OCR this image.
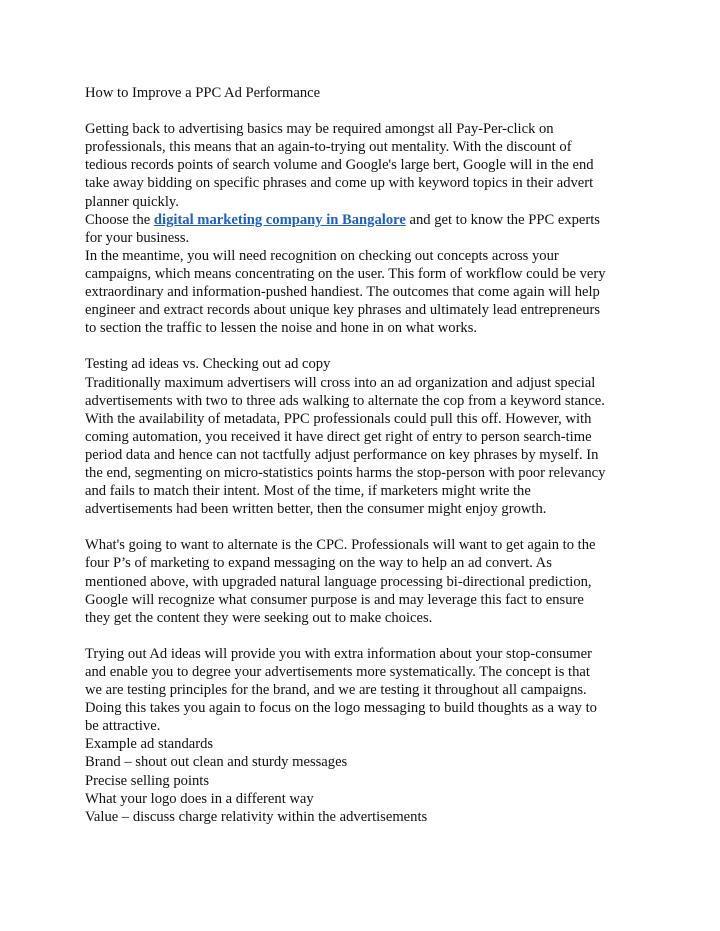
How to Improve a PPC Ad Performance
Getting back to advertising basics may be required amongst all Pay-Per-click on
professionals, this means that an again-to-trying out mentality. With the discount of
tedious records points of search volume and Google's large bert, Google will in the end
take away bidding on specific phrases and come up with keyword topics in their advert
planner quickly.
Choose the digital marketing company in Bangalore and get to know the PPC experts
for your business.
In the meantime, you will need recognition on checking out concepts across your
campaigns, which means concentrating on the user. This form of workflow could be very
extraordinary and information-pushed handiest. The outcomes that come again will help
engineer and extract records about unique key phrases and ultimately lead entrepreneurs
to section the traffic to lessen the noise and hone in on what works.
Testing ad ideas vs. Checking out ad copy
Traditionally maximum advertisers will cross into an ad organization and adjust special
advertisements with two to three ads walking to alternate the cop from a keyword stance.
With the availability of metadata, PPC professionals could pull this off. However, with
coming automation, you received it have direct get right of entry to person search-time
period data and hence can not tactfully adjust performance on key phrases by myself. In
the end, segmenting on micro-statistics points harms the stop-person with poor relevancy
and fails to match their intent. Most of the time, if marketers might write the
advertisements had been written better, then the consumer might enjoy growth.
What's going to want to alternate is the CPC. Professionals will want to get again to the
four P’s of marketing to expand messaging on the way to help an ad convert. As
mentioned above, with upgraded natural language processing bi-directional prediction,
Google will recognize what consumer purpose is and may leverage this fact to ensure
they get the content they were seeking out to make choices.
Trying out Ad ideas will provide you with extra information about your stop-consumer
and enable you to degree your advertisements more systematically. The concept is that
we are testing principles for the brand, and we are testing it throughout all campaigns.
Doing this takes you again to focus on the logo messaging to build thoughts as a way to
be attractive.
Example ad standards
Brand – shout out clean and sturdy messages
Precise selling points
What your logo does in a different way
Value – discuss charge relativity within the advertisements
